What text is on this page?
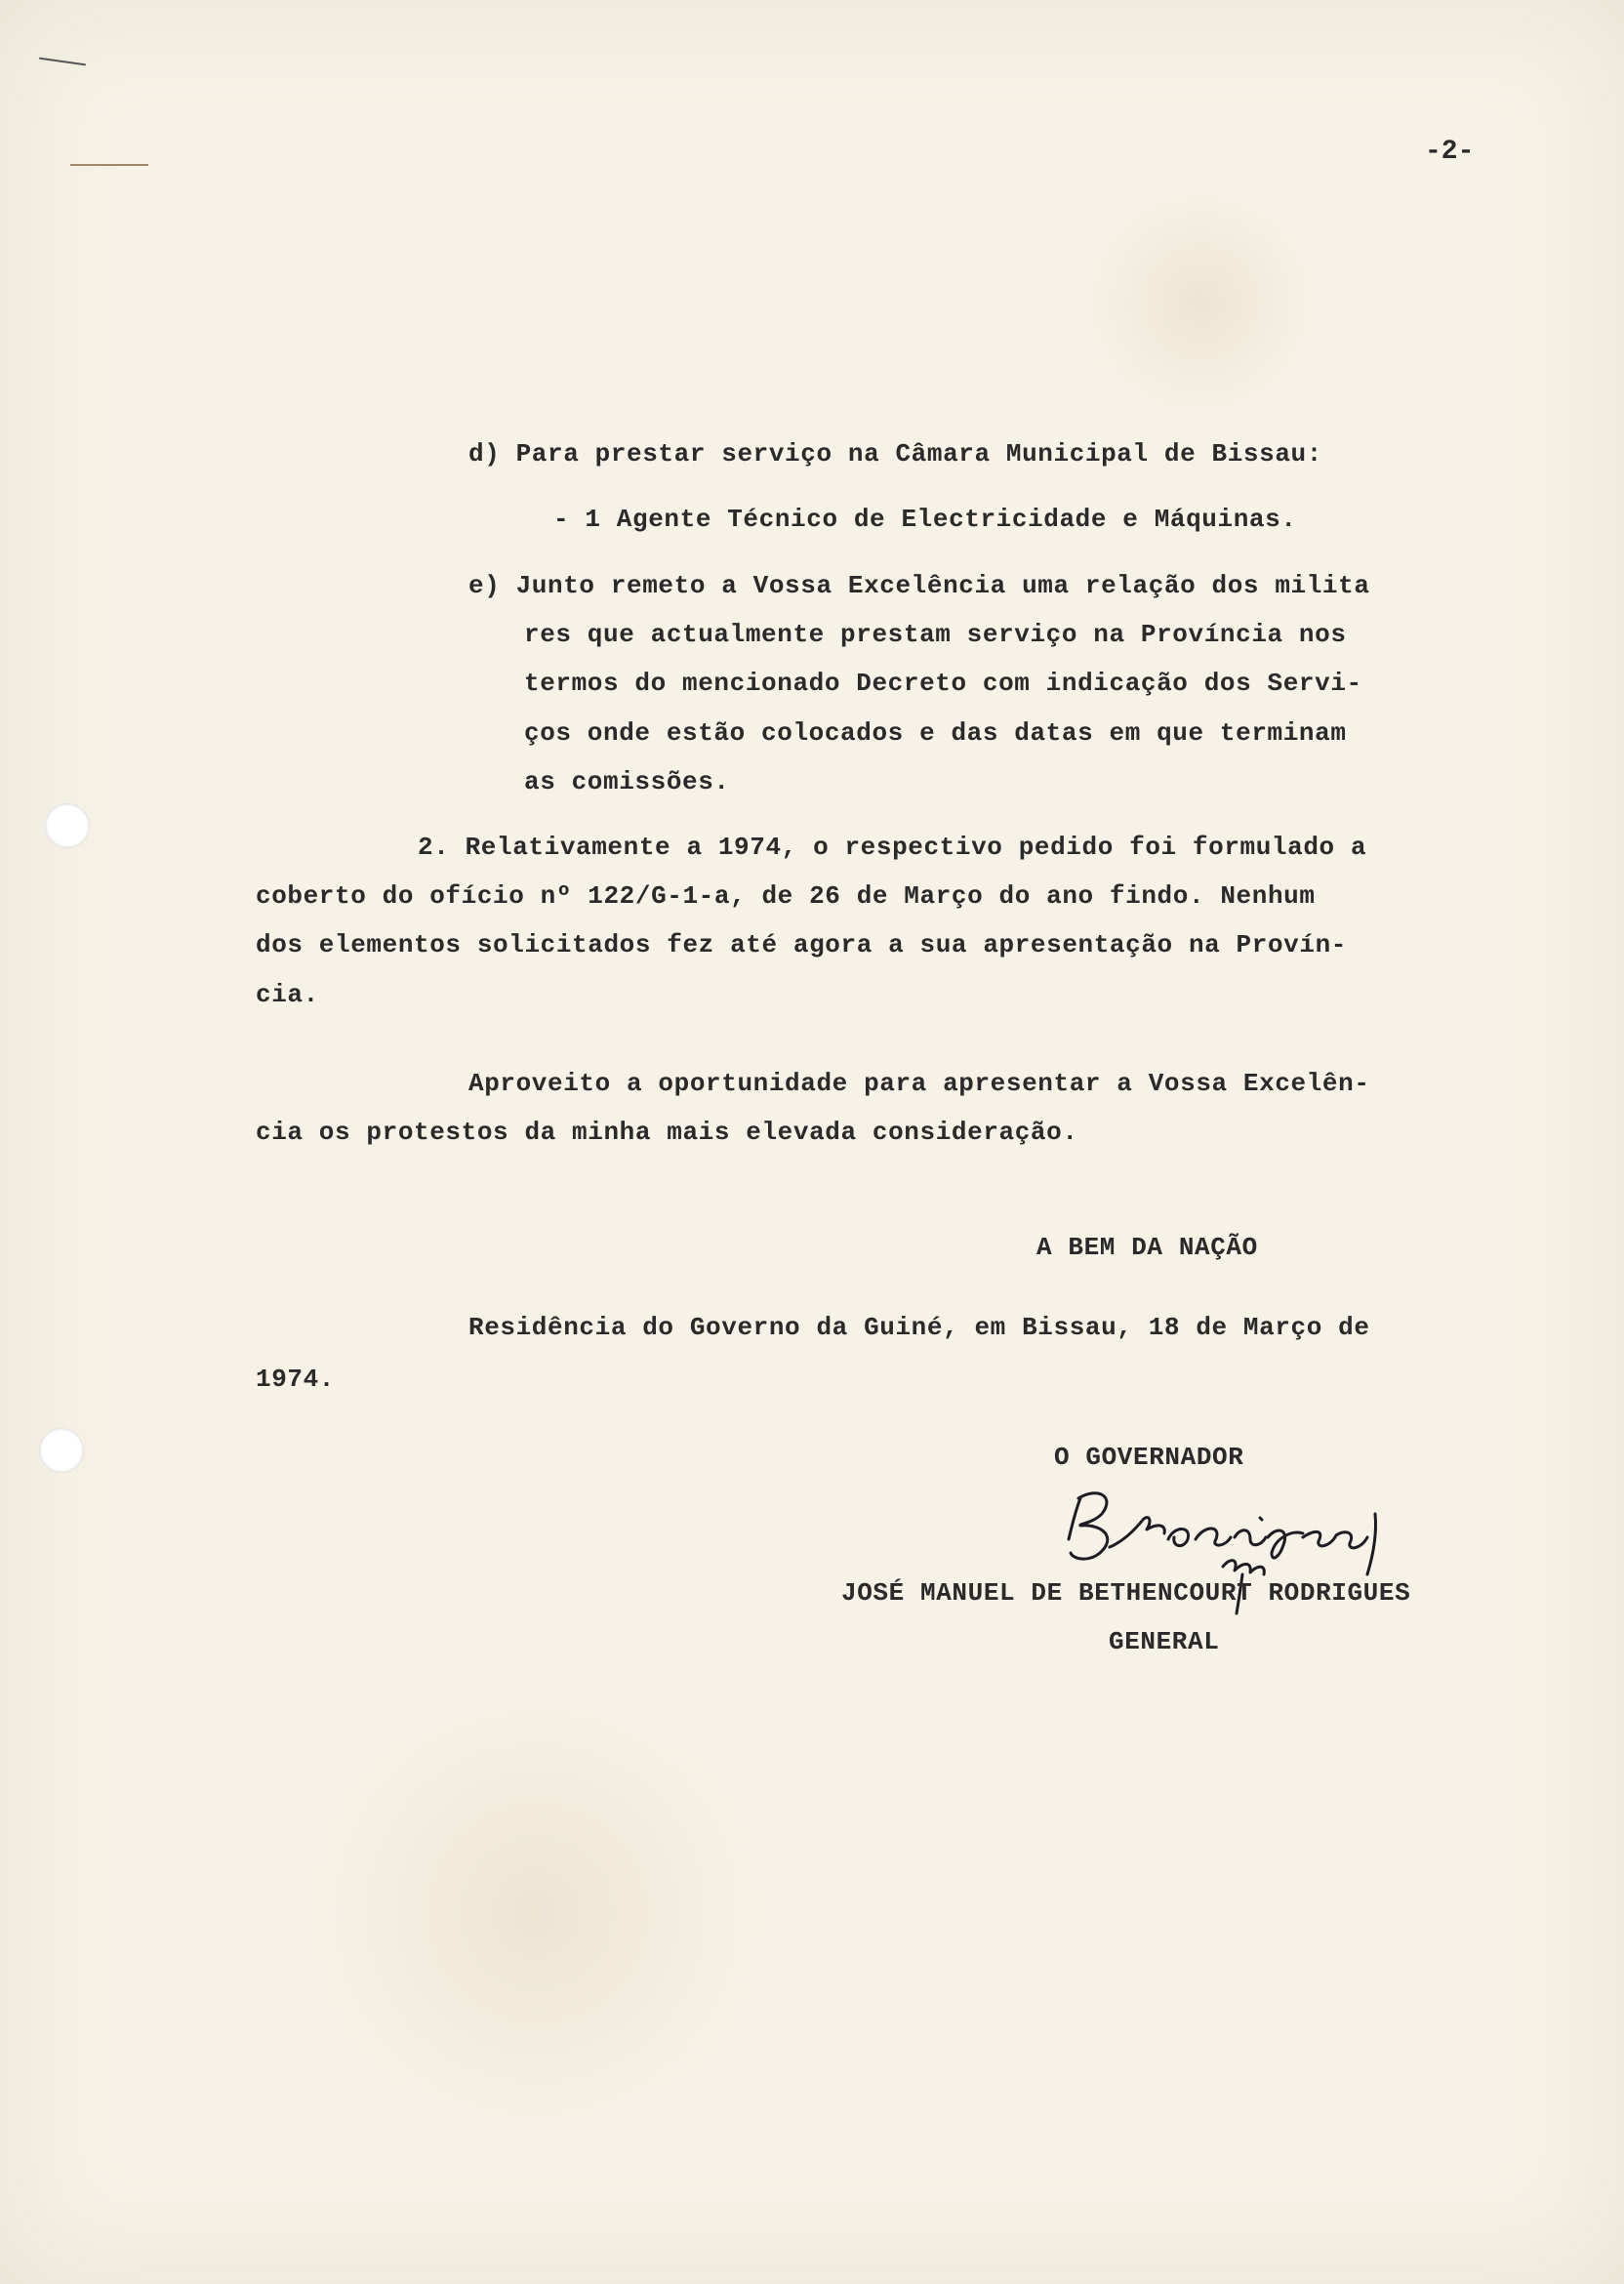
-2-
d) Para prestar serviço na Câmara Municipal de Bissau:
- 1 Agente Técnico de Electricidade e Máquinas.
e) Junto remeto a Vossa Excelência uma relação dos milita
res que actualmente prestam serviço na Província nos
termos do mencionado Decreto com indicação dos Servi-
ços onde estão colocados e das datas em que terminam
as comissões.
2. Relativamente a 1974, o respectivo pedido foi formulado a
coberto do ofício nº 122/G-1-a, de 26 de Março do ano findo. Nenhum
dos elementos solicitados fez até agora a sua apresentação na Provín-
cia.
Aproveito a oportunidade para apresentar a Vossa Excelên-
cia os protestos da minha mais elevada consideração.
A BEM DA NAÇÃO
Residência do Governo da Guiné, em Bissau, 18 de Março de
1974.
O GOVERNADOR
JOSÉ MANUEL DE BETHENCOURT RODRIGUES
GENERAL
